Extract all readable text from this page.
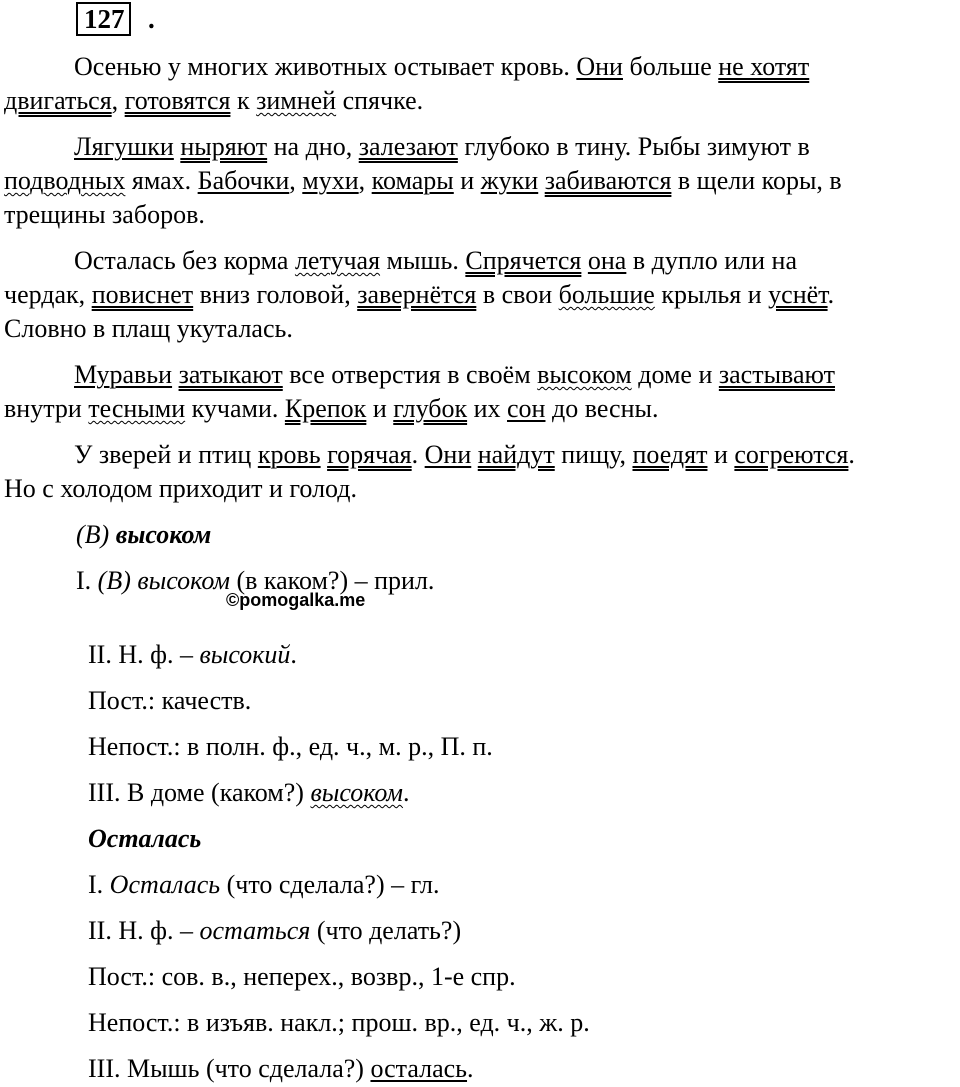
127 .
Осенью у многих животных остывает кровь. Они больше не хотят
двигаться, готовятся к зимней спячке.
Лягушки ныряют на дно, залезают глубоко в тину. Рыбы зимуют в
подводных ямах. Бабочки, мухи, комары и жуки забиваются в щели коры, в
трещины заборов.
Осталась без корма летучая мышь. Спрячется она в дупло или на
чердак, повиснет вниз головой, завернётся в свои большие крылья и уснёт.
Словно в плащ укуталась.
Муравьи затыкают все отверстия в своём высоком доме и застывают
внутри тесными кучами. Крепок и глубок их сон до весны.
У зверей и птиц кровь горячая. Они найдут пищу, поедят и согреются.
Но с холодом приходит и голод.
(В) высоком
I. (В) высоком (в каком?) – прил.
©pomogalka.me
II. Н. ф. – высокий.
Пост.: качеств.
Непост.: в полн. ф., ед. ч., м. р., П. п.
III. В доме (каком?) высоком.
Осталась
I. Осталась (что сделала?) – гл.
II. Н. ф. – остаться (что делать?)
Пост.: сов. в., неперех., возвр., 1-е спр.
Непост.: в изъяв. накл.; прош. вр., ед. ч., ж. р.
III. Мышь (что сделала?) осталась.
